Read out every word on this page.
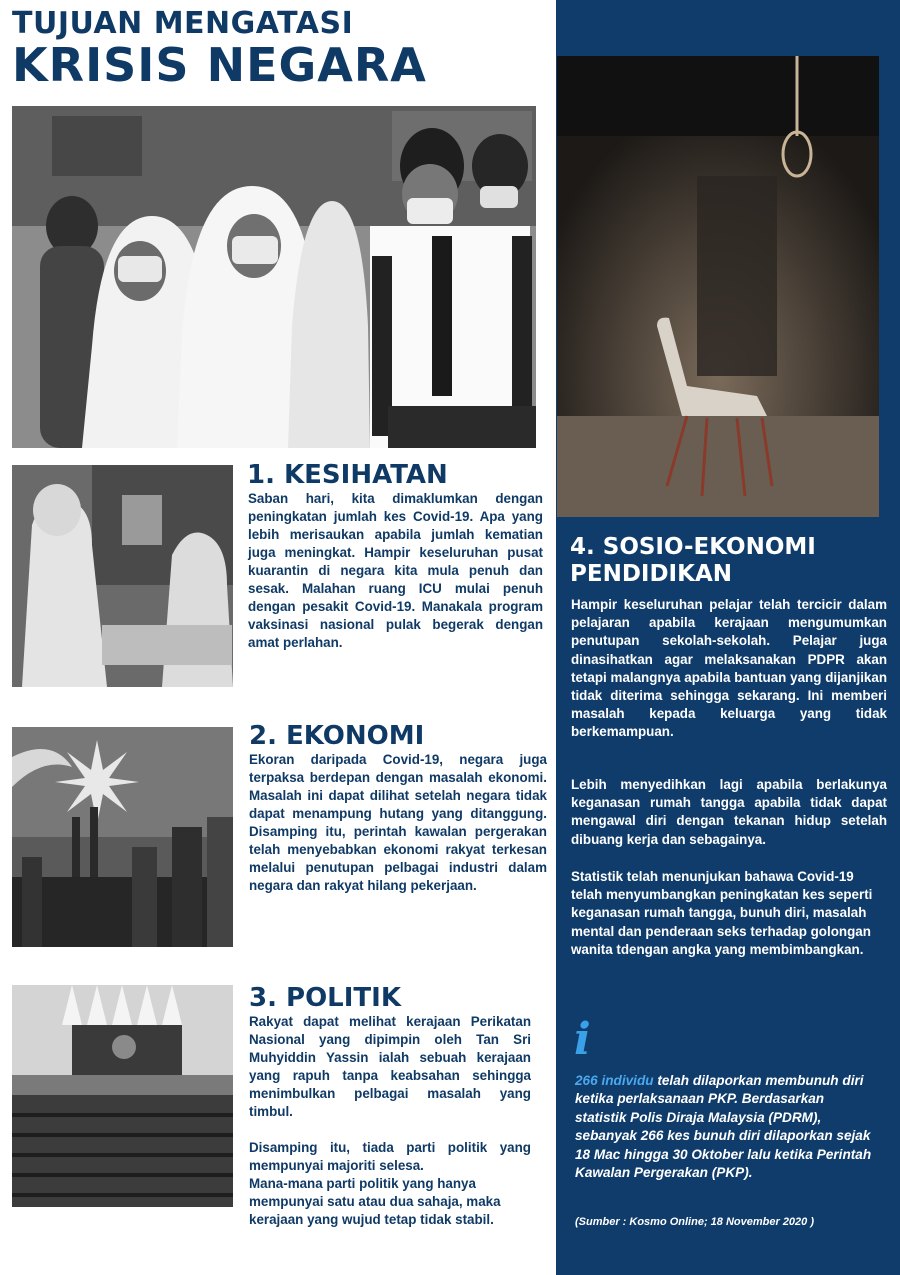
TUJUAN MENGATASI
KRISIS NEGARA
1. KESIHATAN

Saban hari, kita dimaklumkan dengan peningkatan jumlah kes Covid-19. Apa yang lebih merisaukan apabila jumlah kematian juga meningkat. Hampir keseluruhan pusat kuarantin di negara kita mula penuh dan sesak. Malahan ruang ICU mulai penuh dengan pesakit Covid-19. Manakala program vaksinasi nasional pulak begerak dengan amat perlahan.

2. EKONOMI

Ekoran daripada Covid-19, negara juga terpaksa berdepan dengan masalah ekonomi. Masalah ini dapat dilihat setelah negara tidak dapat menampung hutang yang ditanggung. Disamping itu, perintah kawalan pergerakan telah menyebabkan ekonomi rakyat terkesan melalui penutupan pelbagai industri dalam negara dan rakyat hilang pekerjaan.

3. POLITIK

Rakyat dapat melihat kerajaan Perikatan Nasional yang dipimpin oleh Tan Sri Muhyiddin Yassin ialah sebuah kerajaan yang rapuh tanpa keabsahan sehingga menimbulkan pelbagai masalah yang timbul.

Disamping itu, tiada parti politik yang mempunyai majoriti selesa.

Mana-mana parti politik yang hanya mempunyai satu atau dua sahaja, maka kerajaan yang wujud tetap tidak stabil.

4. SOSIO-EKONOMI PENDIDIKAN

Hampir keseluruhan pelajar telah tercicir dalam pelajaran apabila kerajaan mengumumkan penutupan sekolah-sekolah. Pelajar juga dinasihatkan agar melaksanakan PDPR akan tetapi malangnya apabila bantuan yang dijanjikan tidak diterima sehingga sekarang. Ini memberi masalah kepada keluarga yang tidak berkemampuan.

Lebih menyedihkan lagi apabila berlakunya keganasan rumah tangga apabila tidak dapat mengawal diri dengan tekanan hidup setelah dibuang kerja dan sebagainya.

Statistik telah menunjukan bahawa Covid-19 telah menyumbangkan peningkatan kes seperti keganasan rumah tangga, bunuh diri, masalah mental dan penderaan seks terhadap golongan wanita tdengan angka yang membimbangkan.

i

266 individu telah dilaporkan membunuh diri ketika perlaksanaan PKP. Berdasarkan statistik Polis Diraja Malaysia (PDRM), sebanyak 266 kes bunuh diri dilaporkan sejak 18 Mac hingga 30 Oktober lalu ketika Perintah Kawalan Pergerakan (PKP).

(Sumber : Kosmo Online; 18 November 2020 )
